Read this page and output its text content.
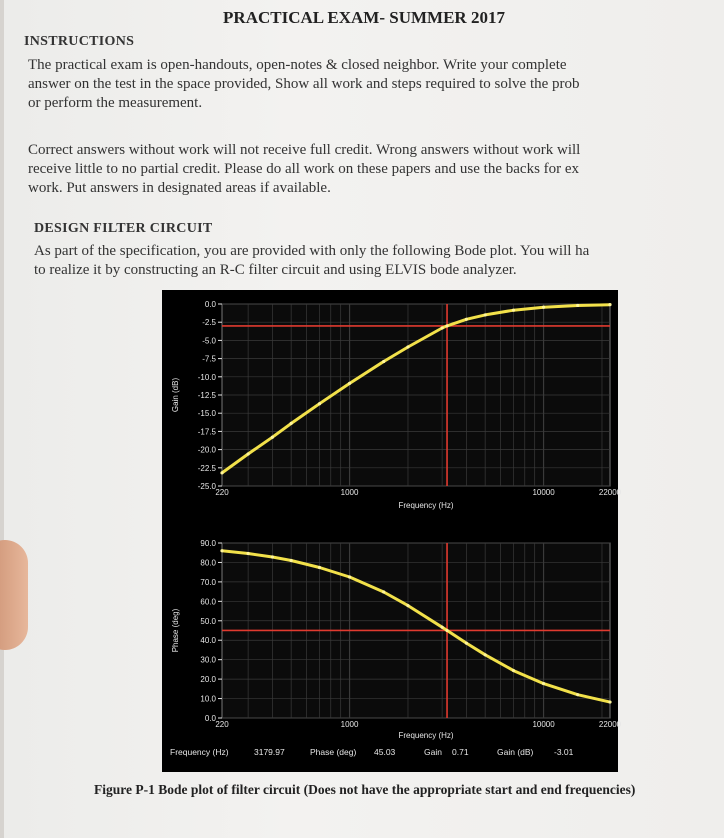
PRACTICAL EXAM- SUMMER 2017
INSTRUCTIONS
The practical exam is open-handouts, open-notes & closed neighbor. Write your complete
answer on the test in the space provided, Show all work and steps required to solve the prob
or perform the measurement.
Correct answers without work will not receive full credit. Wrong answers without work will
receive little to no partial credit. Please do all work on these papers and use the backs for ex
work. Put answers in designated areas if available.
DESIGN FILTER CIRCUIT
As part of the specification, you are provided with only the following Bode plot. You will ha
to realize it by constructing an R-C filter circuit and using ELVIS bode analyzer.
0.0
-2.5
-5.0
-7.5
-10.0
-12.5
-15.0
-17.5
-20.0
-22.5
-25.0
220	1000	10000	22000
Gain (dB)
Frequency (Hz)
90.0
80.0
70.0
60.0
50.0
40.0
30.0
20.0
10.0
0.0
220	1000	10000	22000
Phase (deg)
Frequency (Hz)
Frequency (Hz)	3179.97	Phase (deg) 45.03	Gain 0.71	Gain (dB) -3.01
Figure P-1 Bode plot of filter circuit (Does not have the appropriate start and end frequencies)
